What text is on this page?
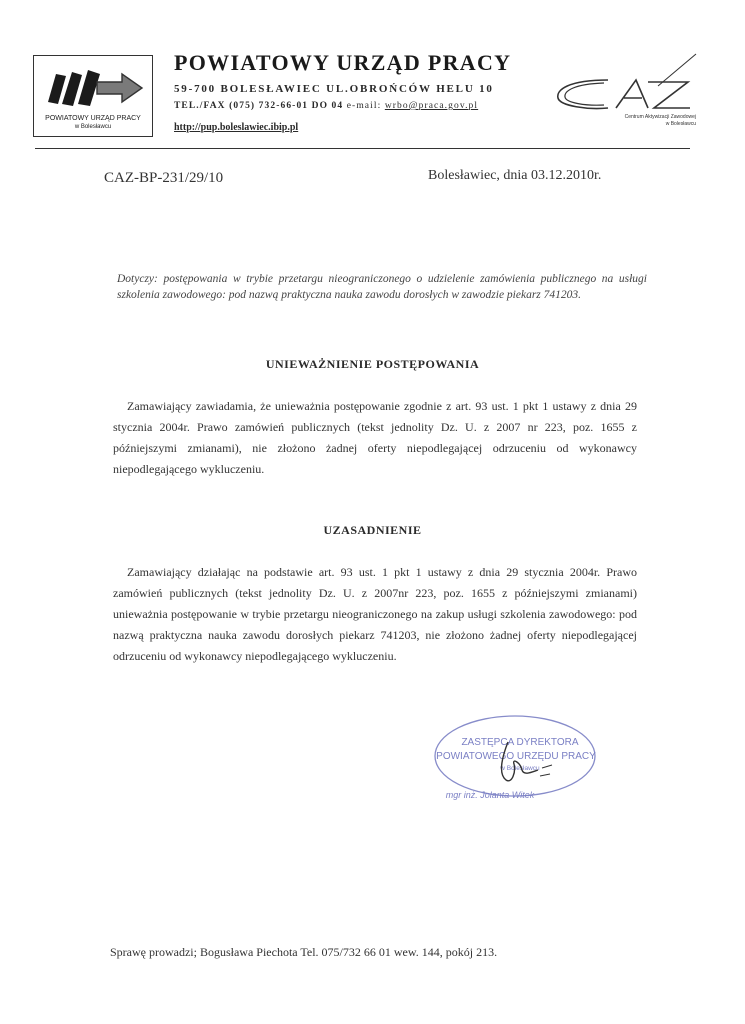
POWIATOWY URZĄD PRACY
w Bolesławcu
POWIATOWY URZĄD PRACY
59-700 BOLESŁAWIEC UL.OBROŃCÓW HELU 10
TEL./FAX (075) 732-66-01 DO 04 e-mail: wrbo@praca.gov.pl
http://pup.boleslawiec.ibip.pl
Centrum Aktywizacji Zawodowej
w Bolesławcu
CAZ-BP-231/29/10	Bolesławiec, dnia 03.12.2010r.
Dotyczy: postępowania w trybie przetargu nieograniczonego o udzielenie zamówienia publicznego na usługi szkolenia zawodowego: pod nazwą praktyczna nauka zawodu dorosłych w zawodzie piekarz 741203.
UNIEWAŻNIENIE POSTĘPOWANIA
Zamawiający zawiadamia, że unieważnia postępowanie zgodnie z art. 93 ust. 1 pkt 1 ustawy z dnia 29 stycznia 2004r. Prawo zamówień publicznych (tekst jednolity Dz. U. z 2007 nr 223, poz. 1655 z późniejszymi zmianami), nie złożono żadnej oferty niepodlegającej odrzuceniu od wykonawcy niepodlegającego wykluczeniu.
UZASADNIENIE
Zamawiający działając na podstawie art. 93 ust. 1 pkt 1 ustawy z dnia 29 stycznia 2004r. Prawo zamówień publicznych (tekst jednolity Dz. U. z 2007nr 223, poz. 1655 z późniejszymi zmianami) unieważnia postępowanie w trybie przetargu nieograniczonego na zakup usługi szkolenia zawodowego: pod nazwą praktyczna nauka zawodu dorosłych piekarz 741203, nie złożono żadnej oferty niepodlegającej odrzuceniu od wykonawcy niepodlegającego wykluczeniu.
ZASTĘPCA DYREKTORA
POWIATOWEGO URZĘDU PRACY
w Bolesławcu
mgr inż. Jolanta Witek
Sprawę prowadzi; Bogusława Piechota Tel. 075/732 66 01 wew. 144, pokój 213.
